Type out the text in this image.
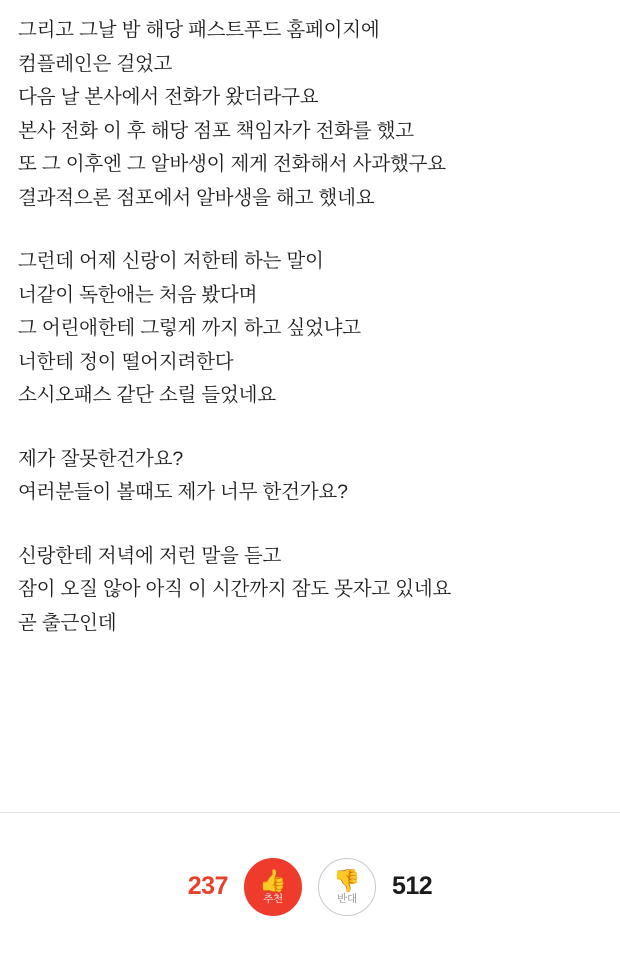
그리고 그날 밤 해당 패스트푸드 홈페이지에
컴플레인은 걸었고
다음 날 본사에서 전화가 왔더라구요
본사 전화 이 후 해당 점포 책임자가 전화를 했고
또 그 이후엔 그 알바생이 제게 전화해서 사과했구요
결과적으론 점포에서 알바생을 해고 했네요
그런데 어제 신랑이 저한테 하는 말이
너같이 독한애는 처음 봤다며
그 어린애한테 그렇게 까지 하고 싶었냐고
너한테 정이 떨어지려한다
소시오패스 같단 소릴 들었네요
제가 잘못한건가요?
여러분들이 볼때도 제가 너무 한건가요?
신랑한테 저녁에 저런 말을 듣고
잠이 오질 않아 아직 이 시간까지 잠도 못자고 있네요
곧 출근인데
237 👍
추천
👎
반대 512
